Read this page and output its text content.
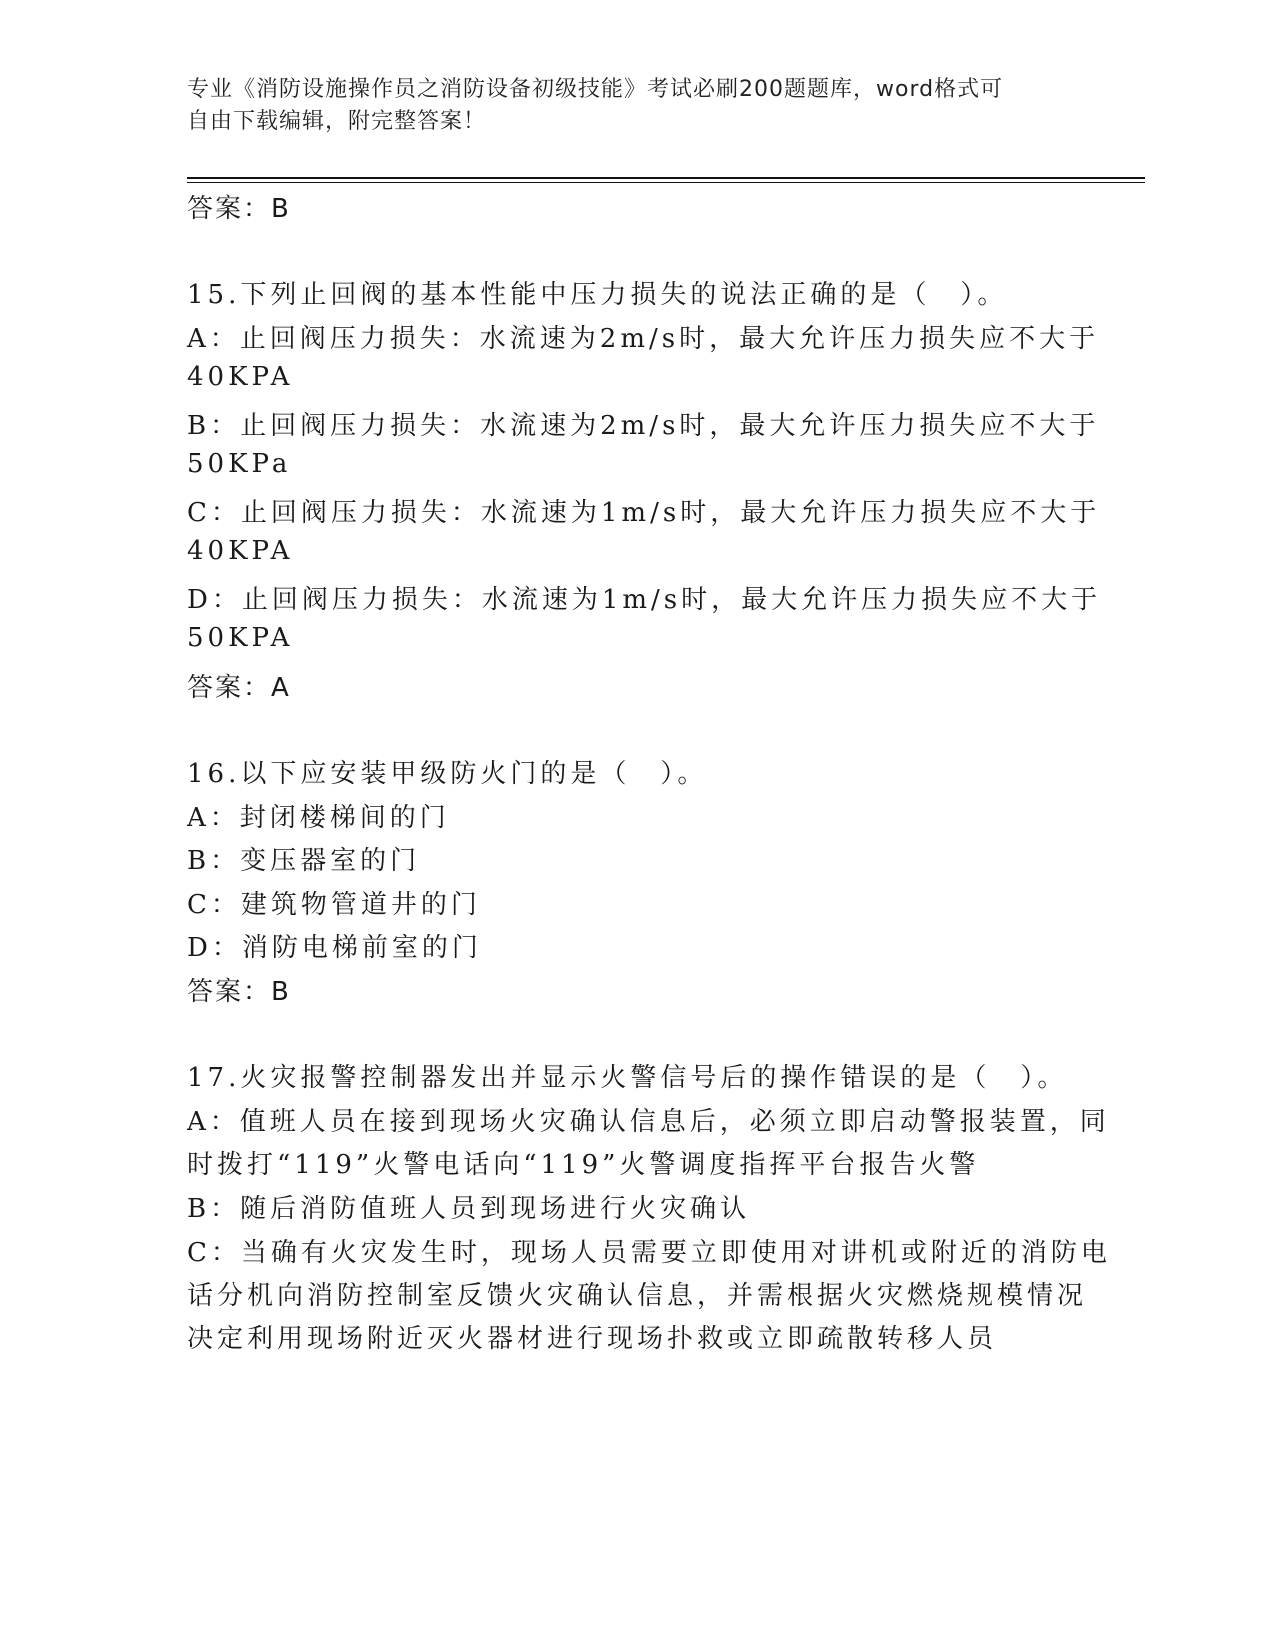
专业《消防设施操作员之消防设备初级技能》考试必刷200题题库，word格式可
自由下载编辑，附完整答案！
答案：B
15.下列止回阀的基本性能中压力损失的说法正确的是（　）。
A：止回阀压力损失：水流速为2m/s时，最大允许压力损失应不大于
40KPA
B：止回阀压力损失：水流速为2m/s时，最大允许压力损失应不大于
50KPa
C：止回阀压力损失：水流速为1m/s时，最大允许压力损失应不大于
40KPA
D：止回阀压力损失：水流速为1m/s时，最大允许压力损失应不大于
50KPA
答案：A
16.以下应安装甲级防火门的是（　）。
A：封闭楼梯间的门
B：变压器室的门
C：建筑物管道井的门
D：消防电梯前室的门
答案：B
17.火灾报警控制器发出并显示火警信号后的操作错误的是（　）。
A：值班人员在接到现场火灾确认信息后，必须立即启动警报装置，同
时拨打“119”火警电话向“119”火警调度指挥平台报告火警
B：随后消防值班人员到现场进行火灾确认
C：当确有火灾发生时，现场人员需要立即使用对讲机或附近的消防电
话分机向消防控制室反馈火灾确认信息，并需根据火灾燃烧规模情况
决定利用现场附近灭火器材进行现场扑救或立即疏散转移人员
